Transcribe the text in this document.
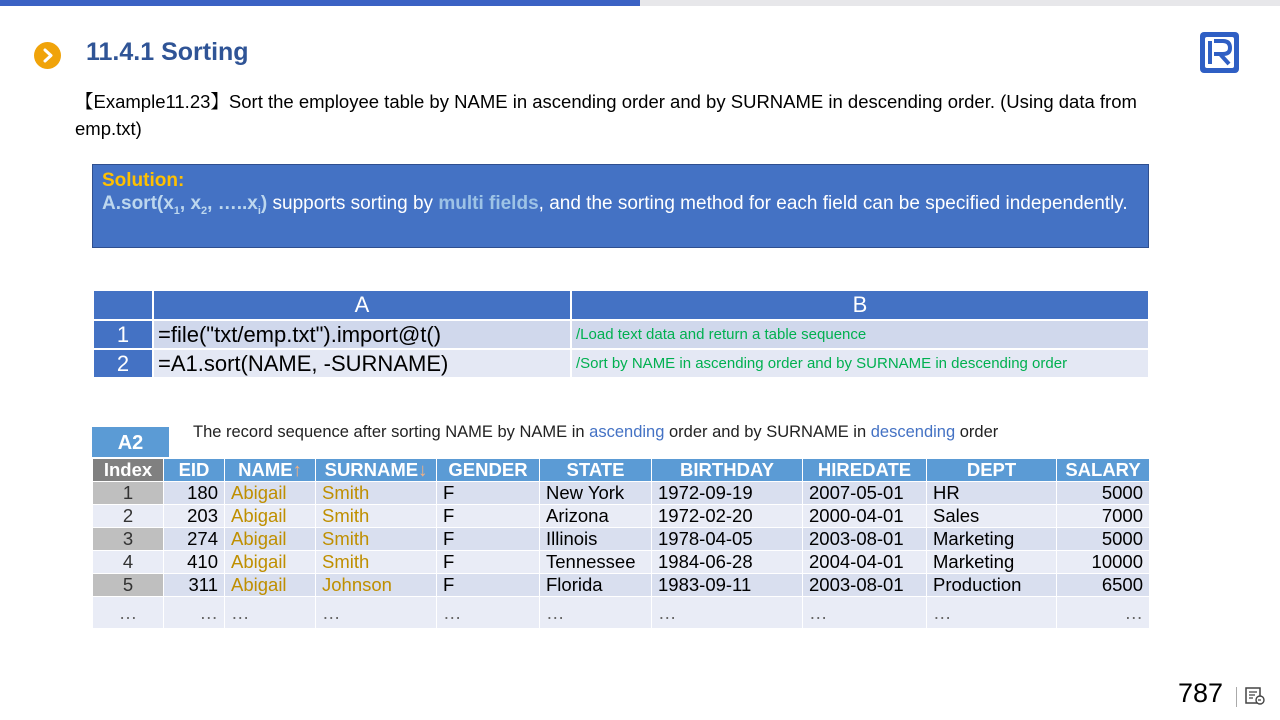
11.4.1 Sorting
【Example11.23】Sort the employee table by NAME in ascending order and by SURNAME in descending order. (Using data from emp.txt)
Solution:
$A.sort(x_1$, $x_2$, $\dots..x_i$) supports sorting by multi fields, and the sorting method for each field can be specified independently.
	A	B
1	=file("txt/emp.txt").import@t()	/Load text data and return a table sequence
2	=A1.sort(NAME, -SURNAME)	/Sort by NAME in ascending order and by SURNAME in descending order
A2	The record sequence after sorting NAME by NAME in ascending order and by SURNAME in descending order
Index	EID	NAME↑	SURNAME↓	GENDER	STATE	BIRTHDAY	HIREDATE	DEPT	SALARY
1	180	Abigail	Smith	F	New York	1972-09-19	2007-05-01	HR	5000
2	203	Abigail	Smith	F	Arizona	1972-02-20	2000-04-01	Sales	7000
3	274	Abigail	Smith	F	Illinois	1978-04-05	2003-08-01	Marketing	5000
4	410	Abigail	Smith	F	Tennessee	1984-06-28	2004-04-01	Marketing	10000
5	311	Abigail	Johnson	F	Florida	1983-09-11	2003-08-01	Production	6500
…	…	…	…	…	…	…	…	…	…
787
